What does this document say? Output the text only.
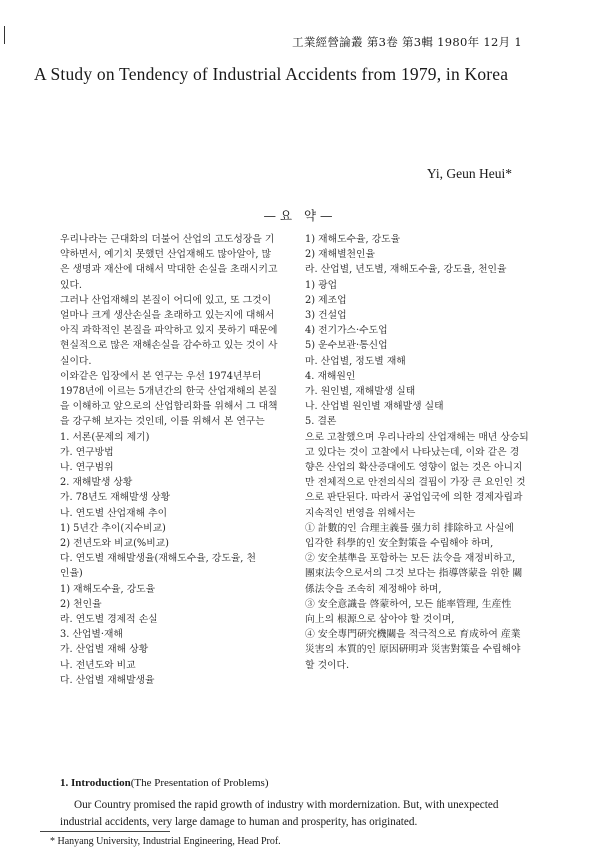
工業經營論叢 第3卷 第3輯 1980年 12月 1
A Study on Tendency of Industrial Accidents from 1979, in Korea
Yi, Geun Heui*
—요 약—

우리나라는 근대화의 더불어 산업의 고도성장을 기

약하면서, 예기치 못했던 산업재해도 많아알아, 많

은 생명과 재산에 대해서 막대한 손실을 초래시키고

있다.

그러나 산업재해의 본질이 어디에 있고, 또 그것이

얼마나 크게 생산손실을 초래하고 있는지에 대해서

아직 과학적인 본질을 파악하고 있지 못하기 때문에

현실적으로 많은 재해손실을 감수하고 있는 것이 사

실이다.

이와같은 입장에서 본 연구는 우선 1974년부터

1978년에 이르는 5개년간의 한국 산업재해의 본질

을 이해하고 앞으로의 산업합리화를 위해서 그 대책

을 강구해 보자는 것인데, 이를 위해서 본 연구는

1. 서론(문제의 제기)

가. 연구방법

나. 연구범위

2. 재해발생 상황

가. 78년도 재해발생 상황

나. 연도별 산업재해 추이

1) 5년간 추이(지수비교)

2) 전년도와 비교(%비교)

다. 연도별 재해발생율(재해도수율, 강도율, 천

인율)

1) 재해도수율, 강도율

2) 천인율

라. 연도별 경제적 손실

3. 산업별·재해

가. 산업별 재해 상황

나. 전년도와 비교

다. 산업별 재해발생율

1) 재해도수율, 강도율

2) 재해별천인율

라. 산업별, 년도별, 재해도수율, 강도율, 천인율

1) 광업

2) 제조업

3) 건설업

4) 전기가스·수도업

5) 운수보관·통신업

마. 산업별, 정도별 재해

4. 재해원인

가. 원인별, 재해발생 실태

나. 산업별 원인별 재해발생 실태

5. 결론

으로 고찰했으며 우리나라의 산업재해는 매년 상승되

고 있다는 것이 고찰에서 나타났는데, 이와 같은 경

향은 산업의 확산증대에도 영향이 없는 것은 아니지

만 전체적으로 안전의식의 결핍이 가장 큰 요인인 것

으로 판단된다. 따라서 공업입국에 의한 경제자립과

지속적인 번영을 위해서는

① 計數的인 合理主義를 强力히 排除하고 사실에

입각한 科學的인 安全對策을 수립해야 하며,

② 安全基準을 포함하는 모든 法令을 재정비하고,

團束法令으로서의 그것 보다는 指導啓蒙을 위한 關

係法令을 조속히 제정해야 하며,

③ 安全意識을 啓蒙하여, 모든 能率管理, 生産性

向上의 根源으로 삼아야 할 것이며,

④ 安全專門硏究機關을 적극적으로 育成하여 産業

災害의 本質的인 原因硏明과 災害對策을 수립해야

할 것이다.

1. Introduction(The Presentation of Problems)

Our Country promised the rapid growth of industry with mordernization. But, with unexpected

industrial accidents, very large damage to human and prosperity, has originated.

* Hanyang University, Industrial Engineering, Head Prof.
